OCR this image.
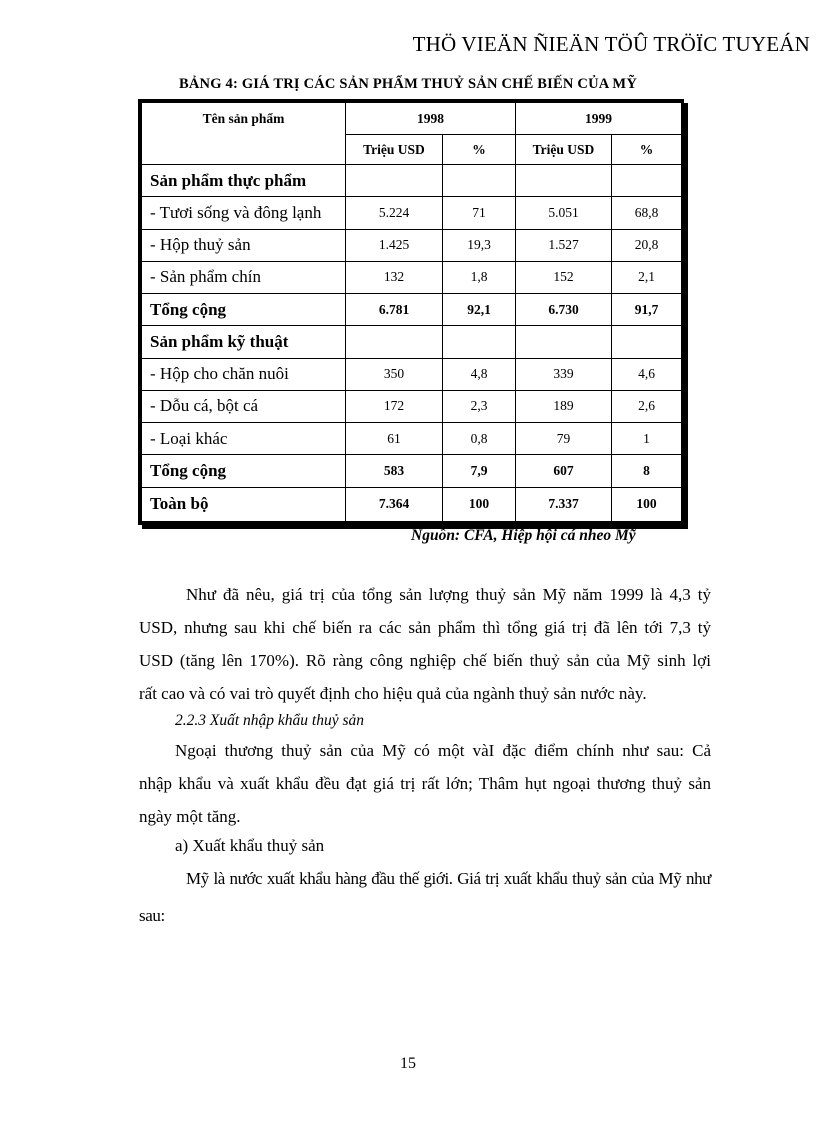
THÖ VIEÄN ÑIEÄN TÖÛ TRÖÏC TUYEÁN
BẢNG 4: GIÁ TRỊ CÁC SẢN PHẨM THUỶ SẢN CHẾ BIẾN CỦA MỸ
Tên sản phẩm	1998		1999	
	Triệu USD	%	Triệu USD	%
Sản phẩm thực phẩm				
- Tươi sống và đông lạnh	5.224	71	5.051	68,8
- Hộp thuỷ sản	1.425	19,3	1.527	20,8
- Sản phẩm chín	132	1,8	152	2,1
Tổng cộng	6.781	92,1	6.730	91,7
Sản phẩm kỹ thuật				
- Hộp cho chăn nuôi	350	4,8	339	4,6
- Dỗu cá, bột cá	172	2,3	189	2,6
- Loại khác	61	0,8	79	1
Tổng cộng	583	7,9	607	8
Toàn bộ	7.364	100	7.337	100
Nguồn: CFA, Hiệp hội cá nheo Mỹ
Như đã nêu, giá trị của tổng sản lượng thuỷ sản Mỹ năm 1999 là 4,3 tỷ
USD, nhưng sau khi chế biến ra các sản phẩm thì tổng giá trị đã lên tới 7,3 tỷ
USD (tăng lên 170%). Rõ ràng công nghiệp chế biến thuỷ sản của Mỹ sinh lợi
rất cao và có vai trò quyết định cho hiệu quả của ngành thuỷ sản nước này.
2.2.3 Xuất nhập khẩu thuỷ sản
Ngoại thương thuỷ sản của Mỹ có một vàI đặc điểm chính như sau: Cả
nhập khẩu và xuất khẩu đều đạt giá trị rất lớn; Thâm hụt ngoại thương thuỷ sản
ngày một tăng.
a) Xuất khẩu thuỷ sản
Mỹ là nước xuất khẩu hàng đầu thế giới. Giá trị xuất khẩu thuỷ sản của Mỹ như
sau:
15
